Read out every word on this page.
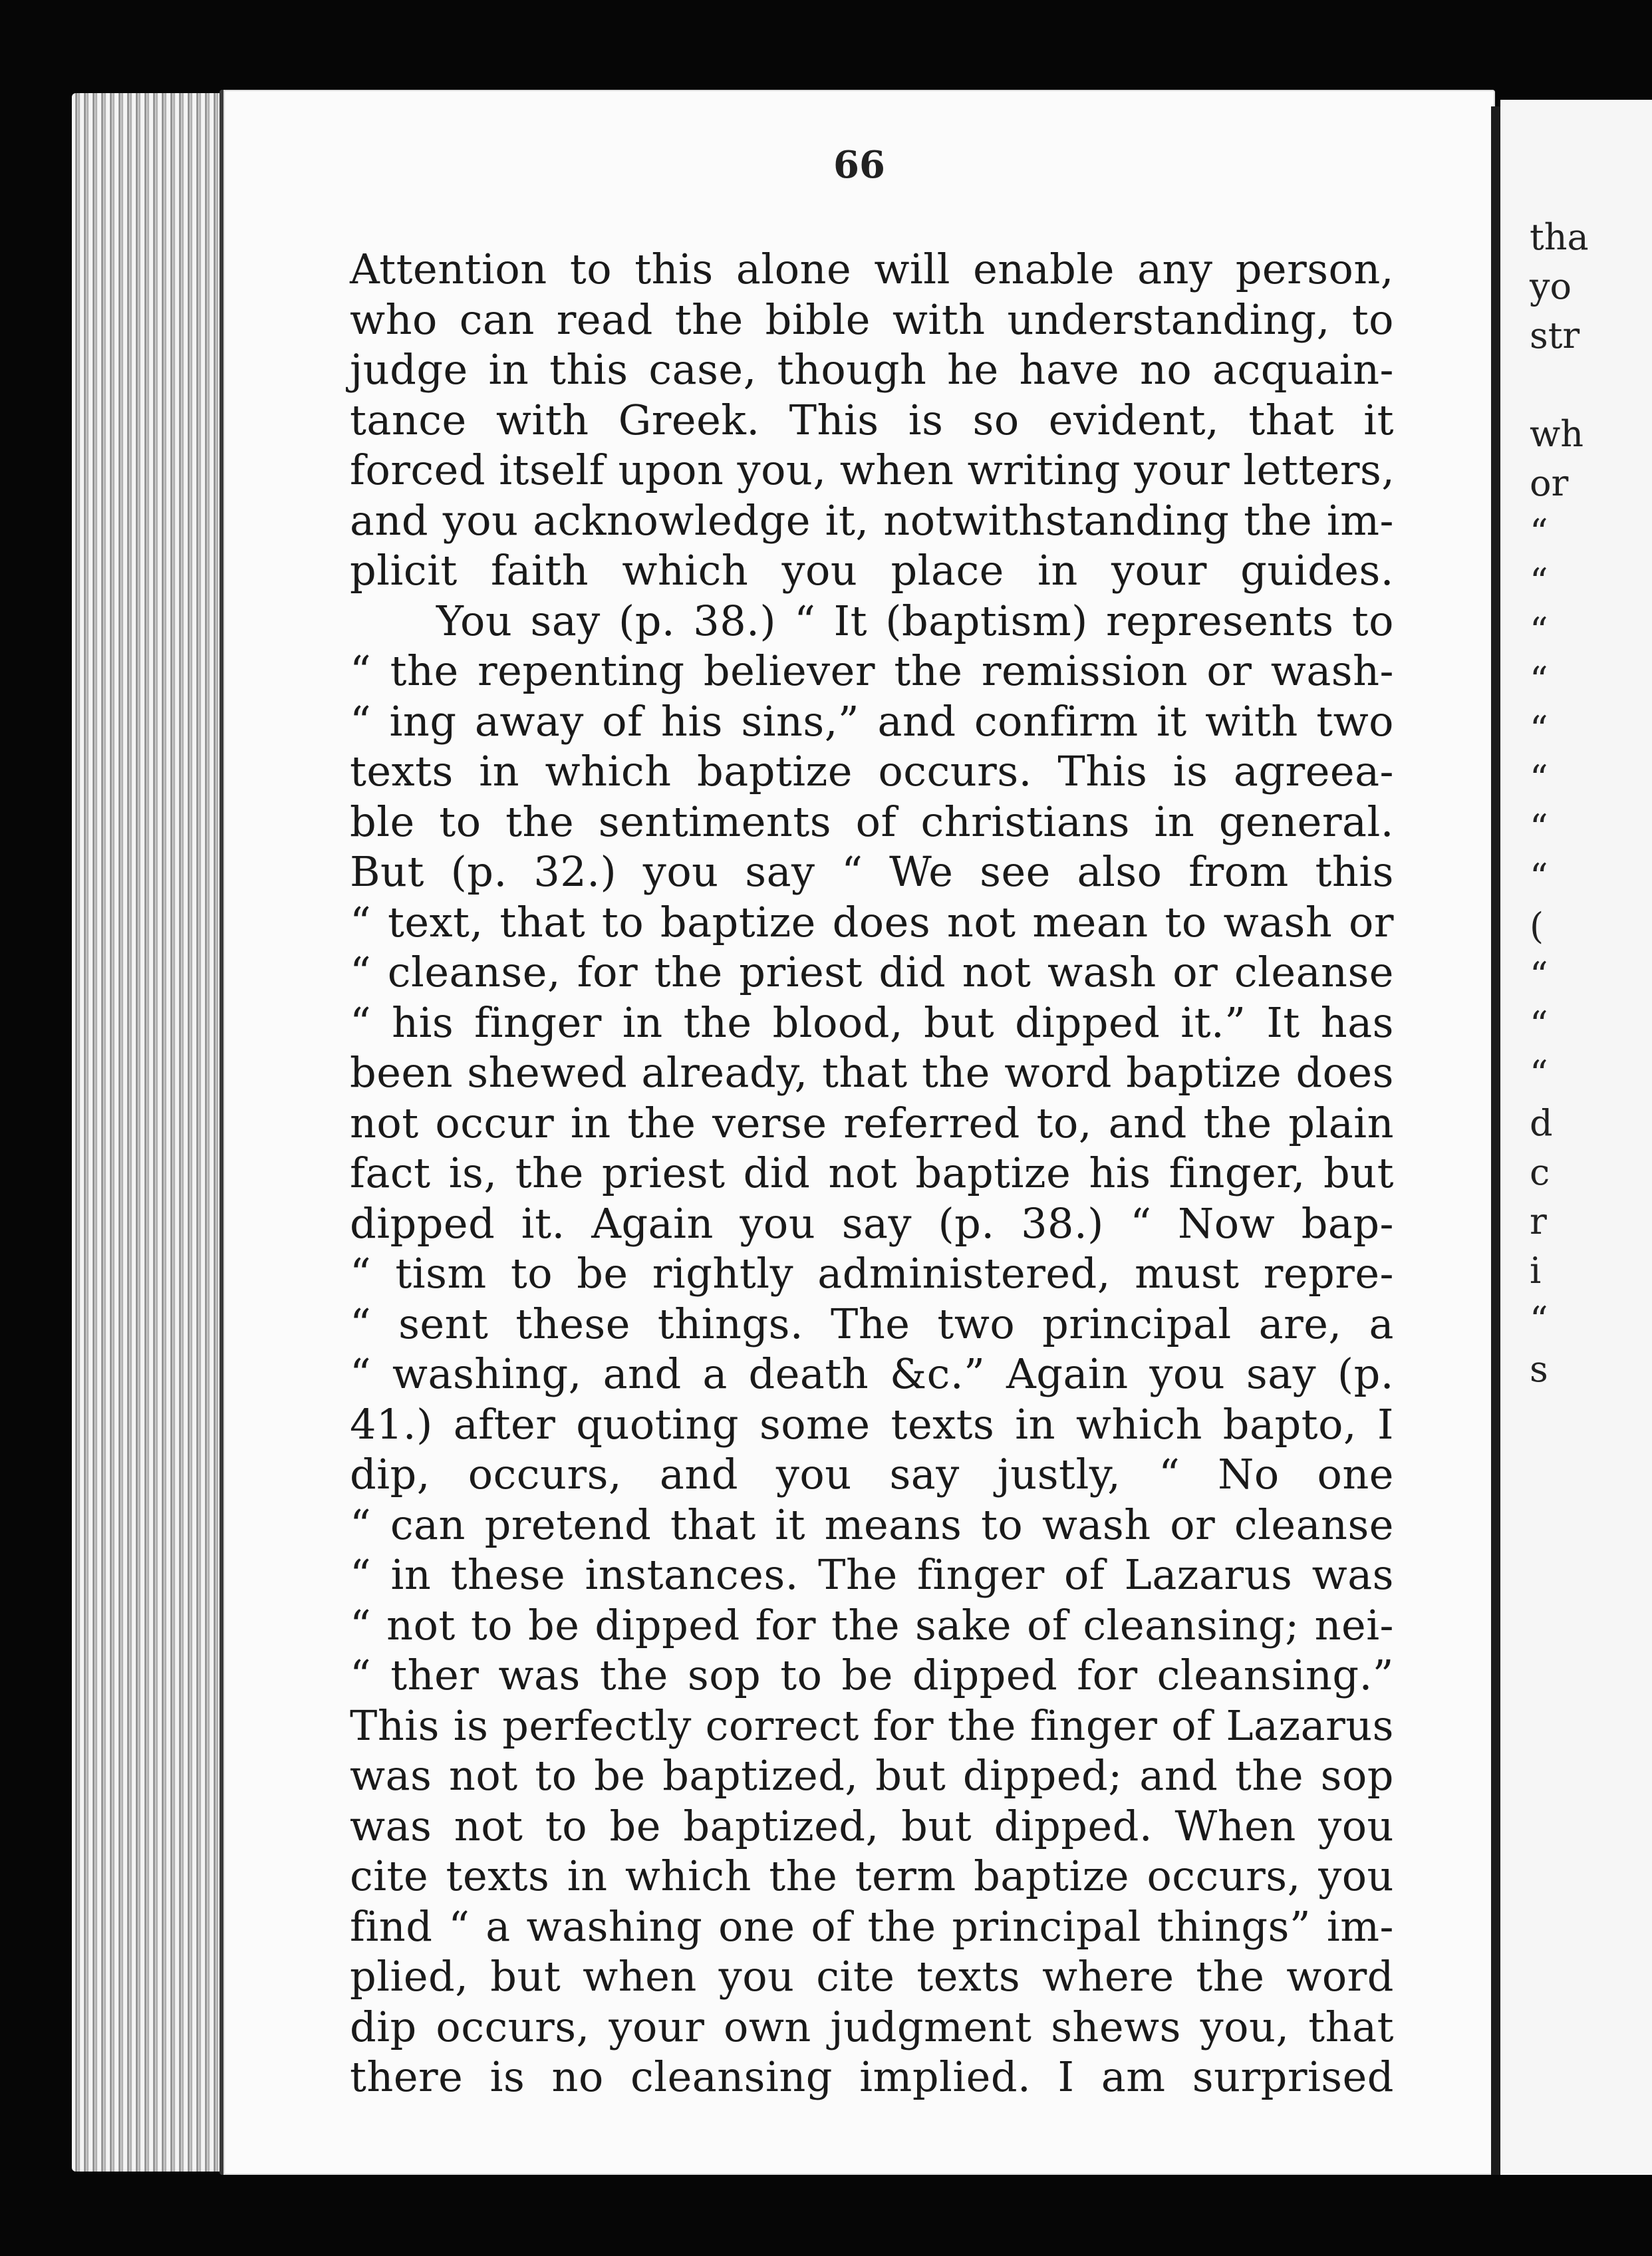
66
Attention to this alone will enable any person,
who can read the bible with understanding, to
judge in this case, though he have no acquain-
tance with Greek. This is so evident, that it
forced itself upon you, when writing your letters,
and you acknowledge it, notwithstanding the im-
plicit faith which you place in your guides.
You say (p. 38.) “ It (baptism) represents to
“ the repenting believer the remission or wash-
“ ing away of his sins,” and confirm it with two
texts in which baptize occurs. This is agreea-
ble to the sentiments of christians in general.
But (p. 32.) you say “ We see also from this
“ text, that to baptize does not mean to wash or
“ cleanse, for the priest did not wash or cleanse
“ his finger in the blood, but dipped it.” It has
been shewed already, that the word baptize does
not occur in the verse referred to, and the plain
fact is, the priest did not baptize his finger, but
dipped it. Again you say (p. 38.) “ Now bap-
“ tism to be rightly administered, must repre-
“ sent these things. The two principal are, a
“ washing, and a death &c.” Again you say (p.
41.) after quoting some texts in which bapto, I
dip, occurs, and you say justly, “ No one
“ can pretend that it means to wash or cleanse
“ in these instances. The finger of Lazarus was
“ not to be dipped for the sake of cleansing; nei-
“ ther was the sop to be dipped for cleansing.”
This is perfectly correct for the finger of Lazarus
was not to be baptized, but dipped; and the sop
was not to be baptized, but dipped. When you
cite texts in which the term baptize occurs, you
find “ a washing one of the principal things” im-
plied, but when you cite texts where the word
dip occurs, your own judgment shews you, that
there is no cleansing implied. I am surprised
tha
yo
str

wh
or
“
“
“
“
“
“
“
“
(
“
“
“
d
c
r
i
“
s
